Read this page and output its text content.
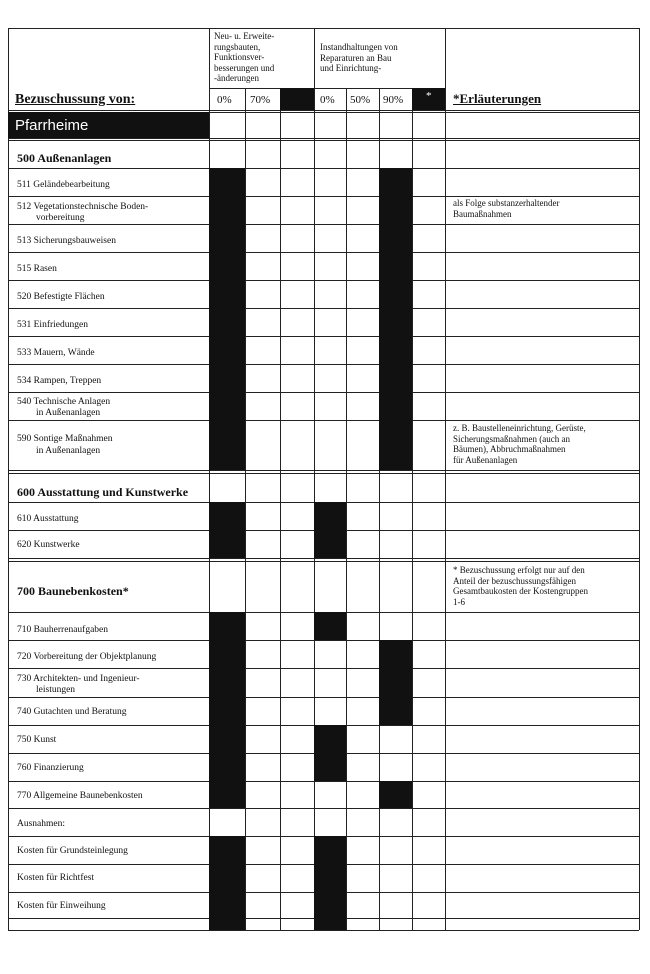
Neu- u. Erweite-
rungsbauten,
Funktionsver-
besserungen und
-änderungen
Instandhaltungen von
Reparaturen an Bau
und Einrichtung-
Bezuschussung von:	0% 70%	0% 50% 90% * *Erläuterungen
Pfarrheime
500 Außenanlagen
511 Geländebearbeitung
512 Vegetationstechnische Boden-
vorbereitung
513 Sicherungsbauweisen
515 Rasen
520 Befestigte Flächen
531 Einfriedungen
533 Mauern, Wände
534 Rampen, Treppen
540 Technische Anlagen
in Außenanlagen
590 Sontige Maßnahmen
in Außenanlagen
600 Ausstattung und Kunstwerke
610 Ausstattung
620 Kunstwerke
700 Baunebenkosten*
710 Bauherrenaufgaben
720 Vorbereitung der Objektplanung
730 Architekten- und Ingenieur-
leistungen
740 Gutachten und Beratung
750 Kunst
760 Finanzierung
770 Allgemeine Baunebenkosten
Ausnahmen:
Kosten für Grundsteinlegung
Kosten für Richtfest
Kosten für Einweihung
als Folge substanzerhaltender
Baumaßnahmen
z. B. Baustelleneinrichtung, Gerüste,
Sicherungsmaßnahmen (auch an
Bäumen), Abbruchmaßnahmen
für Außenanlagen
* Bezuschussung erfolgt nur auf den
Anteil der bezuschussungsfähigen
Gesamtbaukosten der Kostengruppen
1-6
